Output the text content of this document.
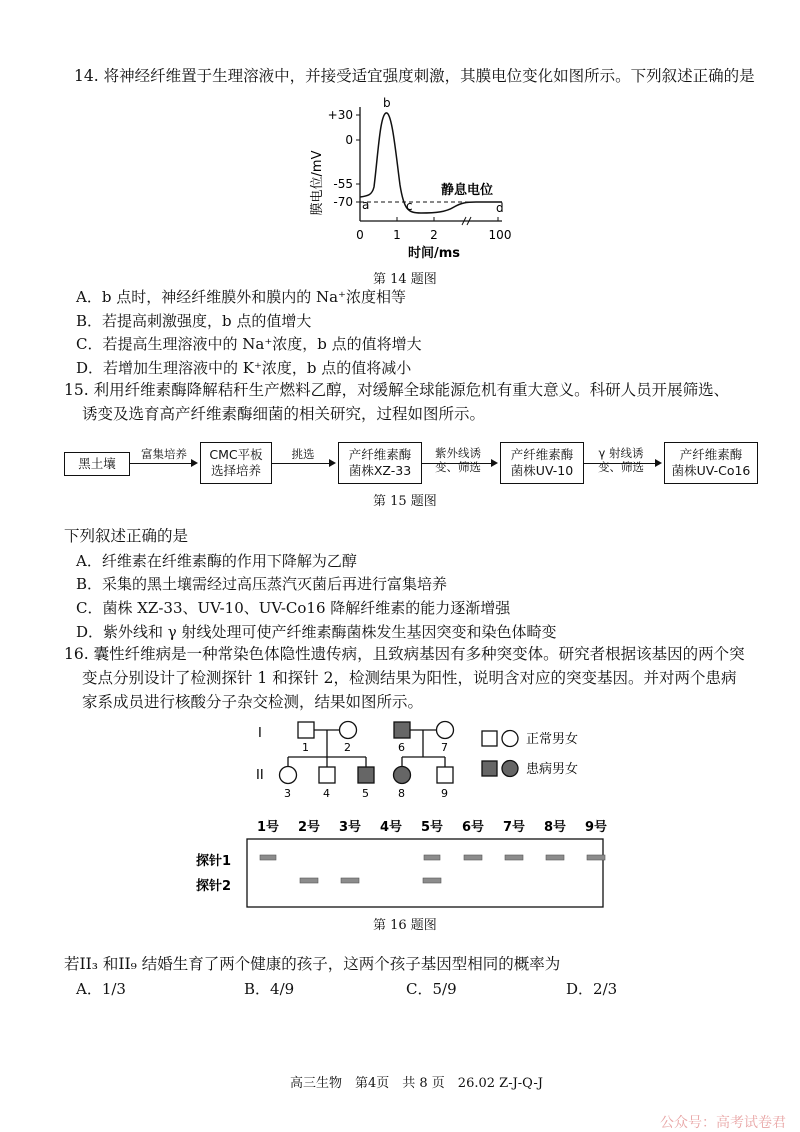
14. 将神经纤维置于生理溶液中，并接受适宜强度刺激，其膜电位变化如图所示。下列叙述正确的是
膜电位/mV
+30
0
-55
-70
0 1 2	100
a
b
c	d
静息电位
时间/ms
第 14 题图
A．b 点时，神经纤维膜外和膜内的 Na⁺浓度相等
B．若提高刺激强度，b 点的值增大
C．若提高生理溶液中的 Na⁺浓度，b 点的值将增大
D．若增加生理溶液中的 K⁺浓度，b 点的值将减小
15. 利用纤维素酶降解秸秆生产燃料乙醇，对缓解全球能源危机有重大意义。科研人员开展筛选、
诱变及选育高产纤维素酶细菌的相关研究，过程如图所示。
黑土壤
富集培养	CMC平板
选择培养
挑选	产纤维素酶
菌株XZ-33
紫外线诱
变、筛选
产纤维素酶
菌株UV-10
γ 射线诱
变、筛选
产纤维素酶
菌株UV-Co16
第 15 题图
下列叙述正确的是
A．纤维素在纤维素酶的作用下降解为乙醇
B．采集的黑土壤需经过高压蒸汽灭菌后再进行富集培养
C．菌株 XZ-33、UV-10、UV-Co16 降解纤维素的能力逐渐增强
D．紫外线和 γ 射线处理可使产纤维素酶菌株发生基因突变和染色体畸变
16. 囊性纤维病是一种常染色体隐性遗传病，且致病基因有多种突变体。研究者根据该基因的两个突
变点分别设计了检测探针 1 和探针 2，检测结果为阳性，说明含对应的突变基因。并对两个患病
家系成员进行核酸分子杂交检测，结果如图所示。
I
II
1	2	6	7
3	4	5	8	9
正常男女
患病男女
1号 2号 3号 4号 5号 6号 7号 8号 9号
探针1
探针2
第 16 题图
若II₃ 和II₉ 结婚生育了两个健康的孩子，这两个孩子基因型相同的概率为
A．1/3	B．4/9	C．5/9	D．2/3
高三生物　第4页　共 8 页　26.02 Z-J-Q-J
公众号：高考试卷君
